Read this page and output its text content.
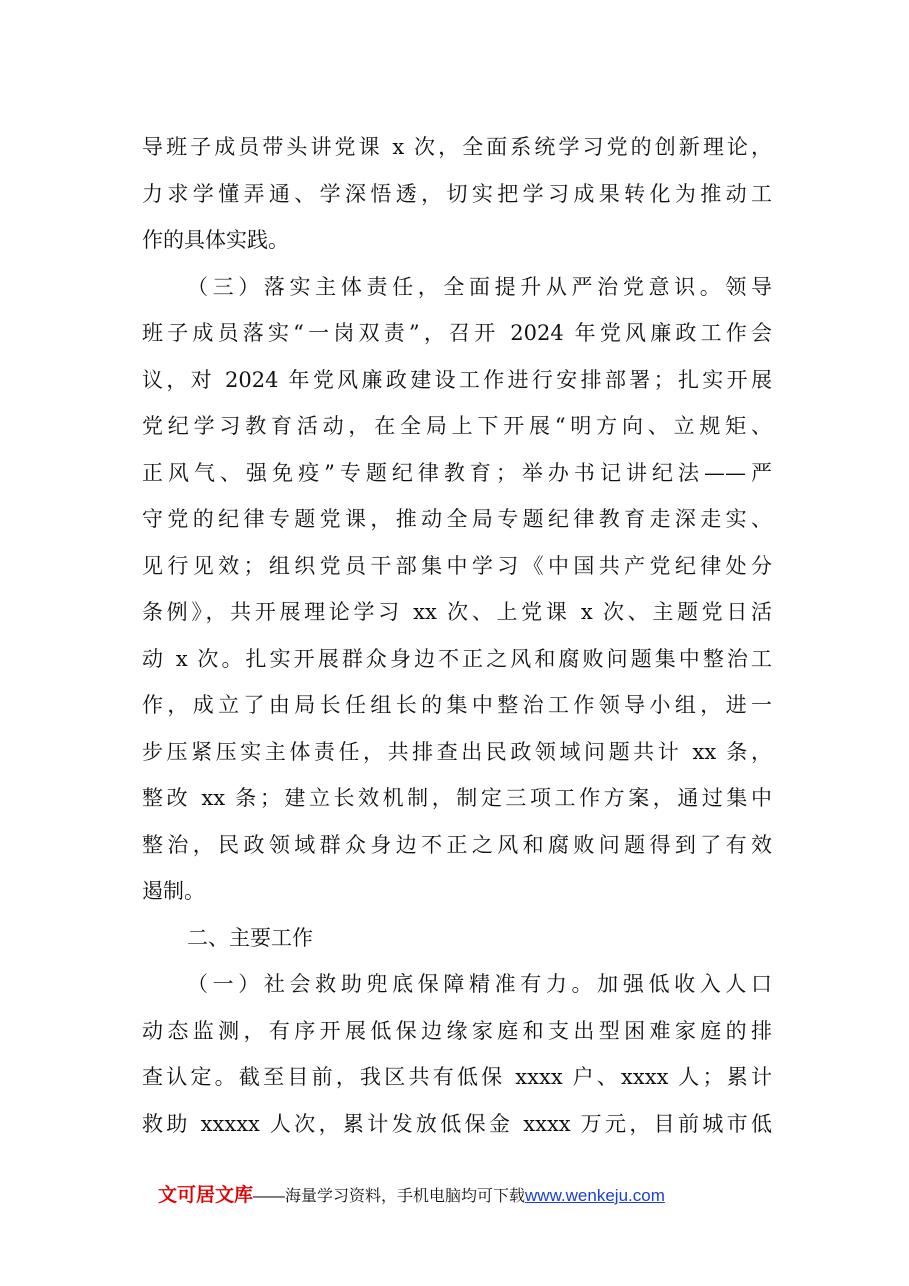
导班子成员带头讲党课 x 次，全面系统学习党的创新理论，
力求学懂弄通、学深悟透，切实把学习成果转化为推动工
作的具体实践。
（三）落实主体责任，全面提升从严治党意识。领导
班子成员落实“一岗双责”，召开 2024 年党风廉政工作会
议，对 2024 年党风廉政建设工作进行安排部署；扎实开展
党纪学习教育活动，在全局上下开展“明方向、立规矩、
正风气、强免疫”专题纪律教育；举办书记讲纪法——严
守党的纪律专题党课，推动全局专题纪律教育走深走实、
见行见效；组织党员干部集中学习《中国共产党纪律处分
条例》，共开展理论学习 xx 次、上党课 x 次、主题党日活
动 x 次。扎实开展群众身边不正之风和腐败问题集中整治工
作，成立了由局长任组长的集中整治工作领导小组，进一
步压紧压实主体责任，共排查出民政领域问题共计 xx 条，
整改 xx 条；建立长效机制，制定三项工作方案，通过集中
整治，民政领域群众身边不正之风和腐败问题得到了有效
遏制。
二、主要工作
（一）社会救助兜底保障精准有力。加强低收入人口
动态监测，有序开展低保边缘家庭和支出型困难家庭的排
查认定。截至目前，我区共有低保 xxxx 户、xxxx 人；累计
救助 xxxxx 人次，累计发放低保金 xxxx 万元，目前城市低
文可居文库——海量学习资料，手机电脑均可下载www.wenkeju.com
